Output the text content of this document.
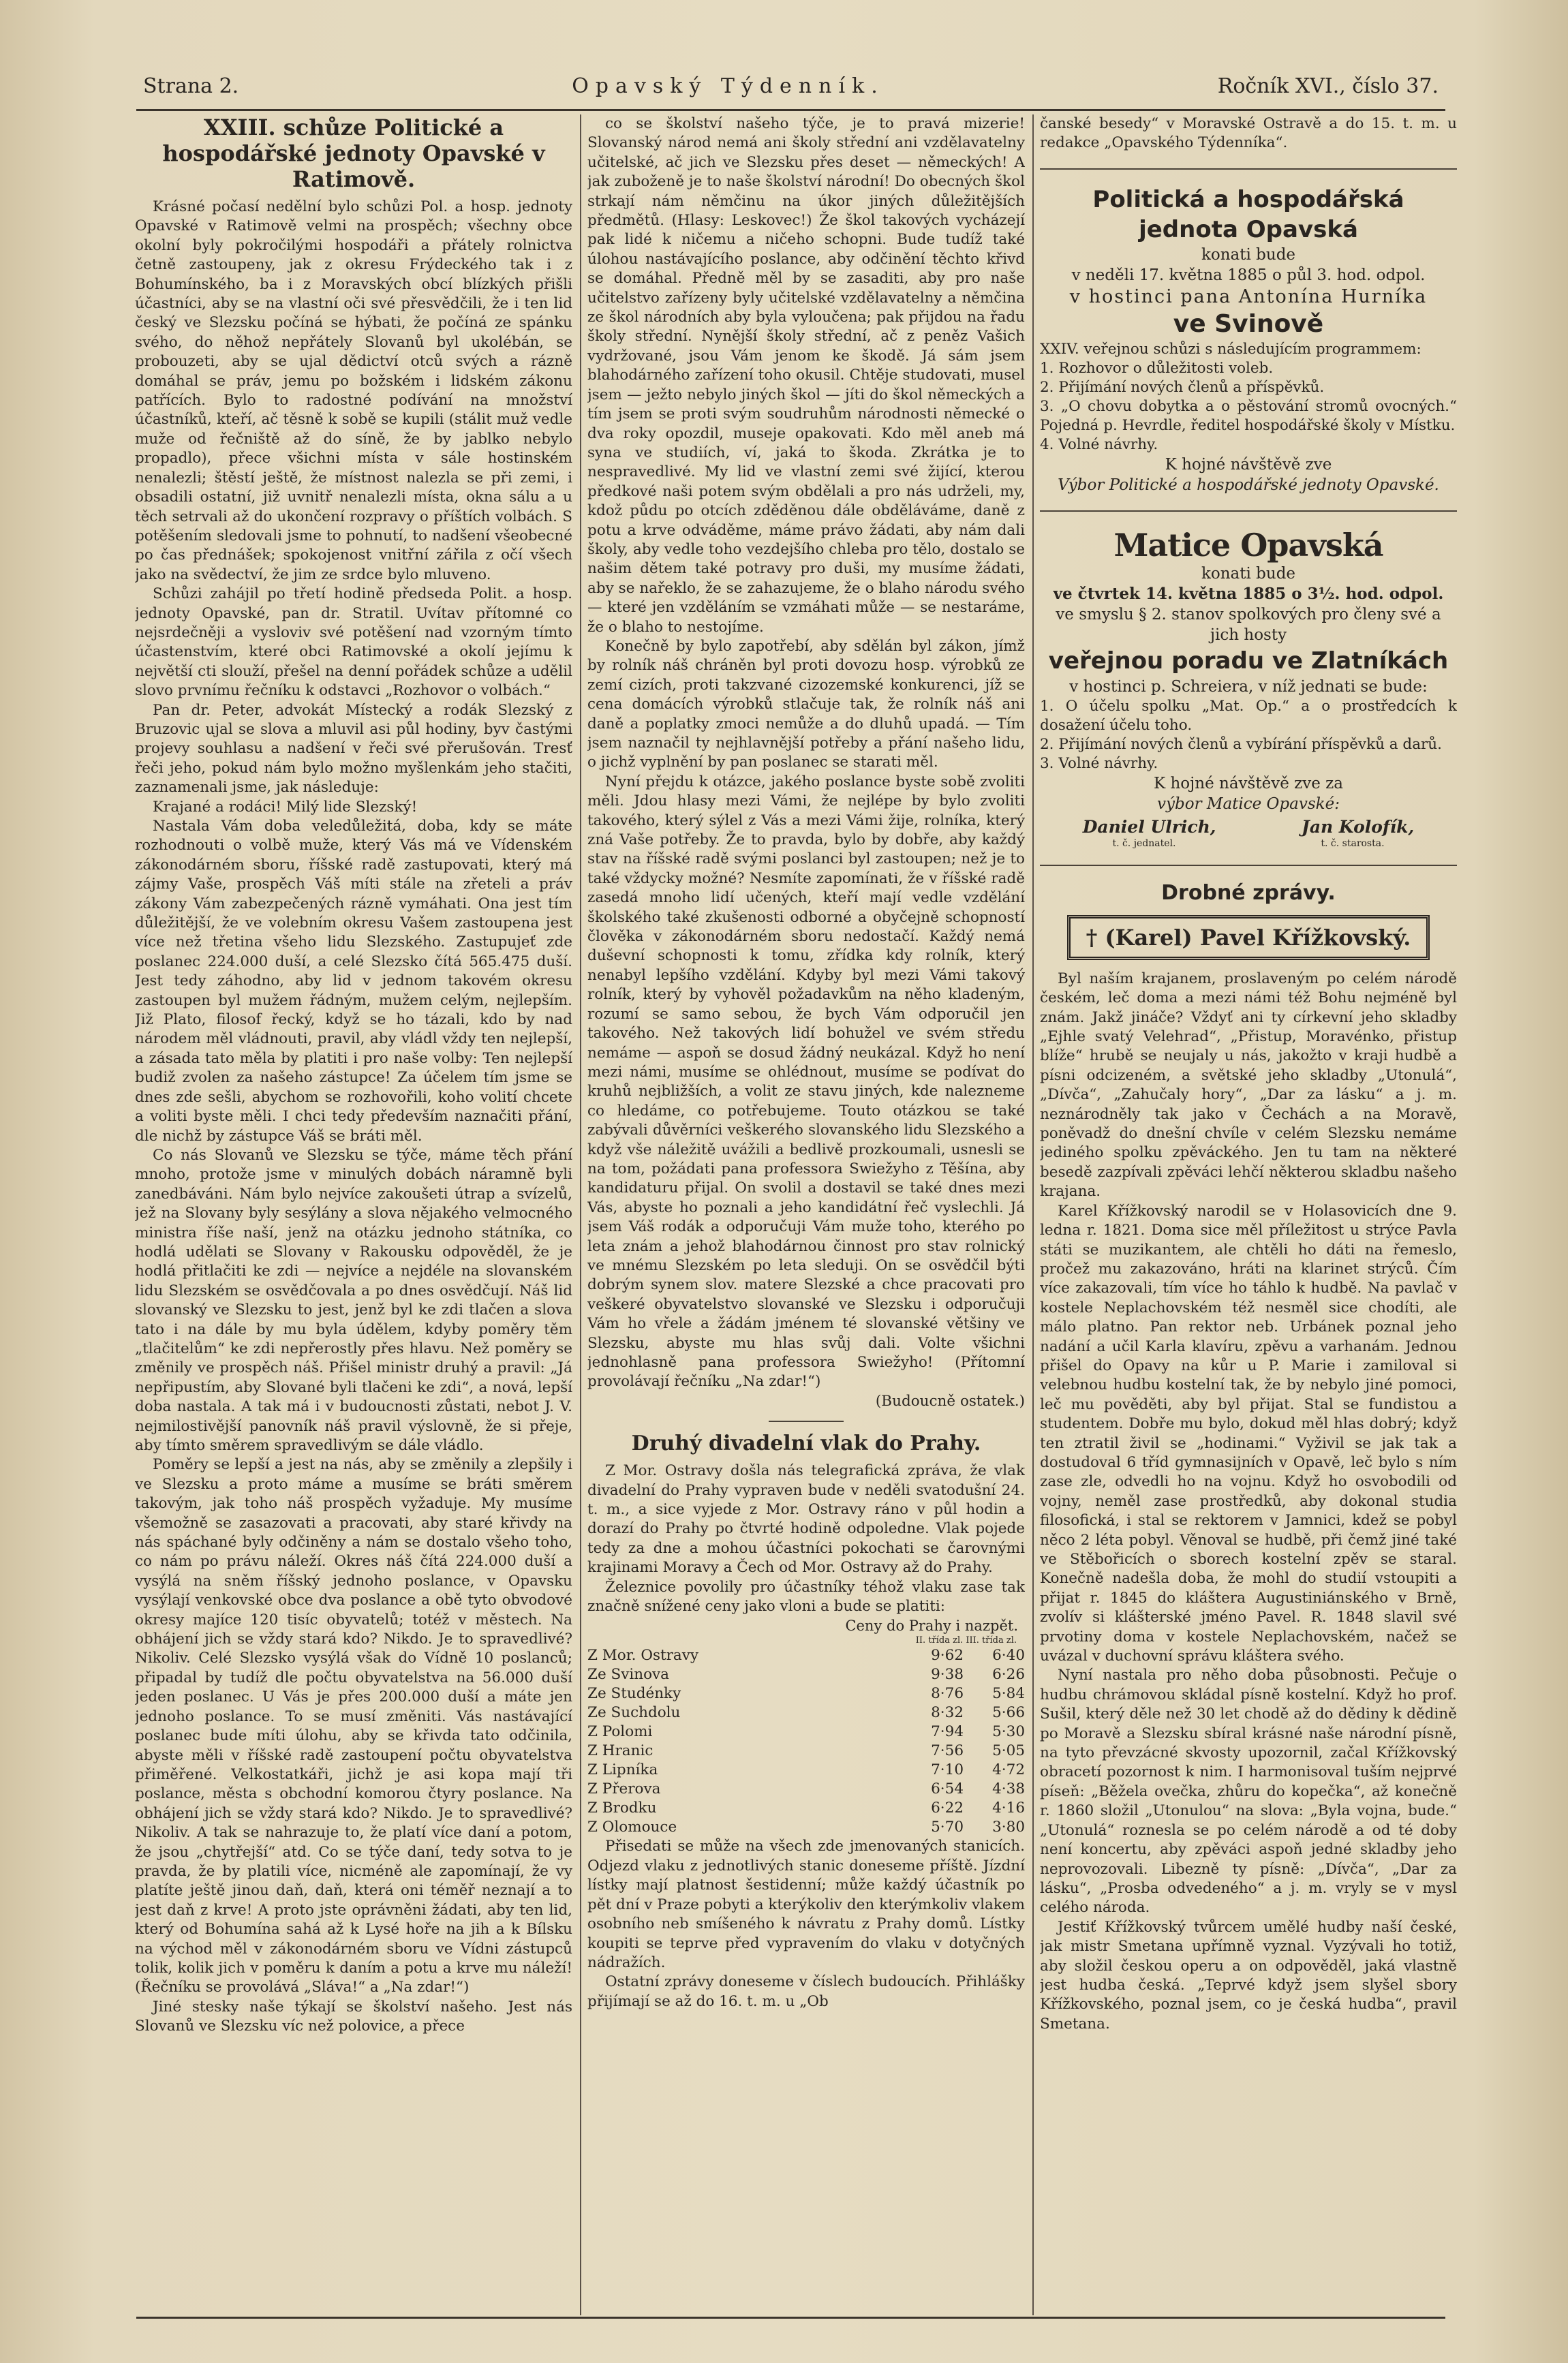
Strana 2.	Opavský Týdenník.	Ročník XVI., číslo 37.
XXIII. schůze Politické a hospodářské jednoty Opavské v Ratimově.

Krásné počasí nedělní bylo schůzi Pol. a hosp. jednoty Opavské v Ratimově velmi na prospěch; všechny obce okolní byly pokročilými hospodáři a přátely rolnictva četně zastoupeny, jak z okresu Frýdeckého tak i z Bohumínského, ba i z Moravských obcí blízkých přišli účastníci, aby se na vlastní oči své přesvědčili, že i ten lid český ve Slezsku počíná se hýbati, že počíná ze spánku svého, do něhož nepřátely Slovanů byl ukolébán, se probouzeti, aby se ujal dědictví otců svých a rázně domáhal se práv, jemu po božském i lidském zákonu patřících. Bylo to radostné podívání na množství účastníků, kteří, ač těsně k sobě se kupili (stálit muž vedle muže od řečniště až do síně, že by jablko nebylo propadlo), přece všichni místa v sále hostinském nenalezli; štěstí ještě, že místnost nalezla se při zemi, i obsadili ostatní, již uvnitř nenalezli místa, okna sálu a u těch setrvali až do ukončení rozpravy o příštích volbách. S potěšením sledovali jsme to pohnutí, to nadšení všeobecné po čas přednášek; spokojenost vnitřní zářila z očí všech jako na svědectví, že jim ze srdce bylo mluveno.

Schůzi zahájil po třetí hodině předseda Polit. a hosp. jednoty Opavské, pan dr. Stratil. Uvítav přítomné co nejsrdečněji a vysloviv své potěšení nad vzorným tímto účastenstvím, které obci Ratimovské a okolí jejímu k největší cti slouží, přešel na denní pořádek schůze a udělil slovo prvnímu řečníku k odstavci „Rozhovor o volbách.“

Pan dr. Peter, advokát Místecký a rodák Slezský z Bruzovic ujal se slova a mluvil asi půl hodiny, byv častými projevy souhlasu a nadšení v řeči své přerušován. Tresť řeči jeho, pokud nám bylo možno myšlenkám jeho stačiti, zaznamenali jsme, jak následuje:

Krajané a rodáci! Milý lide Slezský!

Nastala Vám doba veledůležitá, doba, kdy se máte rozhodnouti o volbě muže, který Vás má ve Vídenském zákonodárném sboru, říšské radě zastupovati, který má zájmy Vaše, prospěch Váš míti stále na zřeteli a práv zákony Vám zabezpečených rázně vymáhati. Ona jest tím důležitější, že ve volebním okresu Vašem zastoupena jest více než třetina všeho lidu Slezského. Zastupujeť zde poslanec 224.000 duší, a celé Slezsko čítá 565.475 duší. Jest tedy záhodno, aby lid v jednom takovém okresu zastoupen byl mužem řádným, mužem celým, nejlepším. Již Plato, filosof řecký, když se ho tázali, kdo by nad národem měl vládnouti, pravil, aby vládl vždy ten nejlepší, a zásada tato měla by platiti i pro naše volby: Ten nejlepší budiž zvolen za našeho zástupce! Za účelem tím jsme se dnes zde sešli, abychom se rozhovořili, koho volití chcete a voliti byste měli. I chci tedy především naznačiti přání, dle nichž by zástupce Váš se bráti měl.

Co nás Slovanů ve Slezsku se týče, máme těch přání mnoho, protože jsme v minulých dobách náramně byli zanedbáváni. Nám bylo nejvíce zakoušeti útrap a svízelů, jež na Slovany byly sesýlány a slova nějakého velmocného ministra říše naší, jenž na otázku jednoho státníka, co hodlá udělati se Slovany v Rakousku odpověděl, že je hodlá přitlačiti ke zdi — nejvíce a nejdéle na slovanském lidu Slezském se osvědčovala a po dnes osvědčují. Náš lid slovanský ve Slezsku to jest, jenž byl ke zdi tlačen a slova tato i na dále by mu byla údělem, kdyby poměry těm „tlačitelům“ ke zdi nepřerostly přes hlavu. Než poměry se změnily ve prospěch náš. Přišel ministr druhý a pravil: „Já nepřipustím, aby Slované byli tlačeni ke zdi“, a nová, lepší doba nastala. A tak má i v budoucnosti zůstati, nebot J. V. nejmilostivější panovník náš pravil výslovně, že si přeje, aby tímto směrem spravedlivým se dále vládlo.

Poměry se lepší a jest na nás, aby se změnily a zlepšily i ve Slezsku a proto máme a musíme se bráti směrem takovým, jak toho náš prospěch vyžaduje. My musíme všemožně se zasazovati a pracovati, aby staré křivdy na nás spáchané byly odčiněny a nám se dostalo všeho toho, co nám po právu náleží. Okres náš čítá 224.000 duší a vysýlá na sněm říšský jednoho poslance, v Opavsku vysýlají venkovské obce dva poslance a obě tyto obvodové okresy majíce 120 tisíc obyvatelů; totéž v městech. Na obhájení jich se vždy stará kdo? Nikdo. Je to spravedlivé? Nikoliv. Celé Slezsko vysýlá však do Vídně 10 poslanců; připadal by tudíž dle počtu obyvatelstva na 56.000 duší jeden poslanec. U Vás je přes 200.000 duší a máte jen jednoho poslance. To se musí změniti. Vás nastávající poslanec bude míti úlohu, aby se křivda tato odčinila, abyste měli v říšské radě zastoupení počtu obyvatelstva přiměřené. Velkostatkáři, jichž je asi kopa mají tři poslance, města s obchodní komorou čtyry poslance. Na obhájení jich se vždy stará kdo? Nikdo. Je to spravedlivé? Nikoliv. A tak se nahrazuje to, že platí více daní a potom, že jsou „chytřejší“ atd. Co se týče daní, tedy sotva to je pravda, že by platili více, nicméně ale zapomínají, že vy platíte ještě jinou daň, daň, která oni téměř neznají a to jest daň z krve! A proto jste oprávněni žádati, aby ten lid, který od Bohumína sahá až k Lysé hoře na jih a k Bílsku na východ měl v zákonodárném sboru ve Vídni zástupců tolik, kolik jich v poměru k daním a potu a krve mu náleží! (Řečníku se provolává „Sláva!“ a „Na zdar!“)

Jiné stesky naše týkají se školství našeho. Jest nás Slovanů ve Slezsku víc než polovice, a přece

co se školství našeho týče, je to pravá mizerie! Slovanský národ nemá ani školy střední ani vzdělavatelny učitelské, ač jich ve Slezsku přes deset — německých! A jak zuboženě je to naše školství národní! Do obecných škol strkají nám němčinu na úkor jiných důležitějších předmětů. (Hlasy: Leskovec!) Že škol takových vycházejí pak lidé k ničemu a ničeho schopni. Bude tudíž také úlohou nastávajícího poslance, aby odčinění těchto křivd se domáhal. Předně měl by se zasaditi, aby pro naše učitelstvo zařízeny byly učitelské vzdělavatelny a němčina ze škol národních aby byla vyloučena; pak přijdou na řadu školy střední. Nynější školy střední, ač z peněz Vašich vydržované, jsou Vám jenom ke škodě. Já sám jsem blahodárného zařízení toho okusil. Chtěje studovati, musel jsem — ježto nebylo jiných škol — jíti do škol německých a tím jsem se proti svým soudruhům národnosti německé o dva roky opozdil, museje opakovati. Kdo měl aneb má syna ve studiích, ví, jaká to škoda. Zkrátka je to nespravedlivé. My lid ve vlastní zemi své žijící, kterou předkové naši potem svým obdělali a pro nás udrželi, my, kdož půdu po otcích zděděnou dále obděláváme, daně z potu a krve odváděme, máme právo žádati, aby nám dali školy, aby vedle toho vezdejšího chleba pro tělo, dostalo se našim dětem také potravy pro duši, my musíme žádati, aby se nařeklo, že se zahazujeme, že o blaho národu svého — které jen vzděláním se vzmáhati může — se nestaráme, že o blaho to nestojíme.

Konečně by bylo zapotřebí, aby sdělán byl zákon, jímž by rolník náš chráněn byl proti dovozu hosp. výrobků ze zemí cizích, proti takzvané cizozemské konkurenci, jíž se cena domácích výrobků stlačuje tak, že rolník náš ani daně a poplatky zmoci nemůže a do dluhů upadá. — Tím jsem naznačil ty nejhlavnější potřeby a přání našeho lidu, o jichž vyplnění by pan poslanec se starati měl.

Nyní přejdu k otázce, jakého poslance byste sobě zvoliti měli. Jdou hlasy mezi Vámi, že nejlépe by bylo zvoliti takového, který sýlel z Vás a mezi Vámi žije, rolníka, který zná Vaše potřeby. Že to pravda, bylo by dobře, aby každý stav na říšské radě svými poslanci byl zastoupen; než je to také vždycky možné? Nesmíte zapomínati, že v říšské radě zasedá mnoho lidí učených, kteří mají vedle vzdělání školského také zkušenosti odborné a obyčejně schopností člověka v zákonodárném sboru nedostačí. Každý nemá duševní schopnosti k tomu, zřídka kdy rolník, který nenabyl lepšího vzdělání. Kdyby byl mezi Vámi takový rolník, který by vyhověl požadavkům na něho kladeným, rozumí se samo sebou, že bych Vám odporučil jen takového. Než takových lidí bohužel ve svém středu nemáme — aspoň se dosud žádný neukázal. Když ho není mezi námi, musíme se ohlédnout, musíme se podívat do kruhů nejbližších, a volit ze stavu jiných, kde nalezneme co hledáme, co potřebujeme. Touto otázkou se také zabývali důvěrníci veškerého slovanského lidu Slezského a když vše náležitě uvážili a bedlivě prozkoumali, usnesli se na tom, požádati pana professora Swiežyho z Těšína, aby kandidaturu přijal. On svolil a dostavil se také dnes mezi Vás, abyste ho poznali a jeho kandidátní řeč vyslechli. Já jsem Váš rodák a odporučuji Vám muže toho, kterého po leta znám a jehož blahodárnou činnost pro stav rolnický ve mnému Slezském po leta sleduji. On se osvědčil býti dobrým synem slov. matere Slezské a chce pracovati pro veškeré obyvatelstvo slovanské ve Slezsku i odporučuji Vám ho vřele a žádám jménem té slovanské většiny ve Slezsku, abyste mu hlas svůj dali. Volte všichni jednohlasně pana professora Swiežyho! (Přítomní provolávají řečníku „Na zdar!“)

(Budoucně ostatek.)
Druhý divadelní vlak do Prahy.

Z Mor. Ostravy došla nás telegrafická zpráva, že vlak divadelní do Prahy vypraven bude v neděli svatodušní 24. t. m., a sice vyjede z Mor. Ostravy ráno v půl hodin a dorazí do Prahy po čtvrté hodině odpoledne. Vlak pojede tedy za dne a mohou účastníci pokochati se čarovnými krajinami Moravy a Čech od Mor. Ostravy až do Prahy.

Železnice povolily pro účastníky téhož vlaku zase tak značně snížené ceny jako vloni a bude se platiti:

Ceny do Prahy i nazpět.
II. třída zl. III. třída zl.
Z Mor. Ostravy	9·62	6·40
Ze Svinova	9·38	6·26
Ze Studénky	8·76	5·84
Ze Suchdolu	8·32	5·66
Z Polomi	7·94	5·30
Z Hranic	7·56	5·05
Z Lipníka	7·10	4·72
Z Přerova	6·54	4·38
Z Brodku	6·22	4·16
Z Olomouce	5·70	3·80

Přisedati se může na všech zde jmenovaných stanicích. Odjezd vlaku z jednotlivých stanic doneseme příště. Jízdní lístky mají platnost šestidenní; může každý účastník po pět dní v Praze pobyti a kterýkoliv den kterýmkoliv vlakem osobního neb smíšeného k návratu z Prahy domů. Lístky koupiti se teprve před vypravením do vlaku v dotyčných nádražích.

Ostatní zprávy doneseme v číslech budoucích. Přihlášky přijímají se až do 16. t. m. u „Ob

čanské besedy“ v Moravské Ostravě a do 15. t. m. u redakce „Opavského Týdenníka“.
Politická a hospodářská jednota Opavská
konati bude
v neděli 17. května 1885 o půl 3. hod. odpol.
v hostinci pana Antonína Hurníka
ve Svinově
XXIV. veřejnou schůzi s následujícím programmem:
1. Rozhovor o důležitosti voleb.
2. Přijímání nových členů a příspěvků.
3. „O chovu dobytka a o pěstování stromů ovocných.“ Pojedná p. Hevrdle, ředitel hospodářské školy v Místku.
4. Volné návrhy.
K hojné návštěvě zve
Výbor Politické a hospodářské jednoty Opavské.
Matice Opavská
konati bude
ve čtvrtek 14. května 1885 o 3½. hod. odpol.
ve smyslu § 2. stanov spolkových pro členy své a jich hosty
veřejnou poradu ve Zlatníkách
v hostinci p. Schreiera, v níž jednati se bude:
1. O účelu spolku „Mat. Op.“ a o prostředcích k dosažení účelu toho.
2. Přijímání nových členů a vybírání příspěvků a darů.
3. Volné návrhy.
K hojné návštěvě zve za
výbor Matice Opavské:
Daniel Ulrich,	Jan Kolofík,
t. č. jednatel.	t. č. starosta.
Drobné zprávy.
† (Karel) Pavel Křížkovský.

Byl naším krajanem, proslaveným po celém národě českém, leč doma a mezi námi též Bohu nejméně byl znám. Jakž jináče? Vždyť ani ty církevní jeho skladby „Ejhle svatý Velehrad“, „Přistup, Moravénko, přistup blíže“ hrubě se neujaly u nás, jakožto v kraji hudbě a písni odcizeném, a světské jeho skladby „Utonulá“, „Dívča“, „Zahučaly hory“, „Dar za lásku“ a j. m. neznárodněly tak jako v Čechách a na Moravě, poněvadž do dnešní chvíle v celém Slezsku nemáme jediného spolku zpěváckého. Jen tu tam na některé besedě zazpívali zpěváci lehčí některou skladbu našeho krajana.

Karel Křížkovský narodil se v Holasovicích dne 9. ledna r. 1821. Doma sice měl příležitost u strýce Pavla státi se muzikantem, ale chtěli ho dáti na řemeslo, pročež mu zakazováno, hráti na klarinet strýců. Čím více zakazovali, tím více ho táhlo k hudbě. Na pavlač v kostele Neplachovském též nesměl sice chodíti, ale málo platno. Pan rektor neb. Urbánek poznal jeho nadání a učil Karla klavíru, zpěvu a varhanám. Jednou přišel do Opavy na kůr u P. Marie i zamiloval si velebnou hudbu kostelní tak, že by nebylo jiné pomoci, leč mu pověděti, aby byl přijat. Stal se fundistou a studentem. Dobře mu bylo, dokud měl hlas dobrý; když ten ztratil živil se „hodinami.“ Vyživil se jak tak a dostudoval 6 tříd gymnasijních v Opavě, leč bylo s ním zase zle, odvedli ho na vojnu. Když ho osvobodili od vojny, neměl zase prostředků, aby dokonal studia filosofická, i stal se rektorem v Jamnici, kdež se pobyl něco 2 léta pobyl. Věnoval se hudbě, při čemž jiné také ve Stěbořicích o sborech kostelní zpěv se staral. Konečně nadešla doba, že mohl do studií vstoupiti a přijat r. 1845 do kláštera Augustiniánského v Brně, zvolív si klášterské jméno Pavel. R. 1848 slavil své prvotiny doma v kostele Neplachovském, načež se uvázal v duchovní správu kláštera svého.

Nyní nastala pro něho doba působnosti. Pečuje o hudbu chrámovou skládal písně kostelní. Když ho prof. Sušil, který děle než 30 let chodě až do dědiny k dědině po Moravě a Slezsku sbíral krásné naše národní písně, na tyto převzácné skvosty upozornil, začal Křížkovský obracetí pozornost k nim. I harmonisoval tuším nejprvé píseň: „Běžela ovečka, zhůru do kopečka“, až konečně r. 1860 složil „Utonulou“ na slova: „Byla vojna, bude.“ „Utonulá“ roznesla se po celém národě a od té doby není koncertu, aby zpěváci aspoň jedné skladby jeho neprovozovali. Libezně ty písně: „Dívča“, „Dar za lásku“, „Prosba odvedeného“ a j. m. vryly se v mysl celého národa.

Jestiť Křížkovský tvůrcem umělé hudby naší české, jak mistr Smetana upřímně vyznal. Vyzývali ho totiž, aby složil českou operu a on odpověděl, jaká vlastně jest hudba česká. „Teprvé když jsem slyšel sbory Křížkovského, poznal jsem, co je česká hudba“, pravil Smetana.
